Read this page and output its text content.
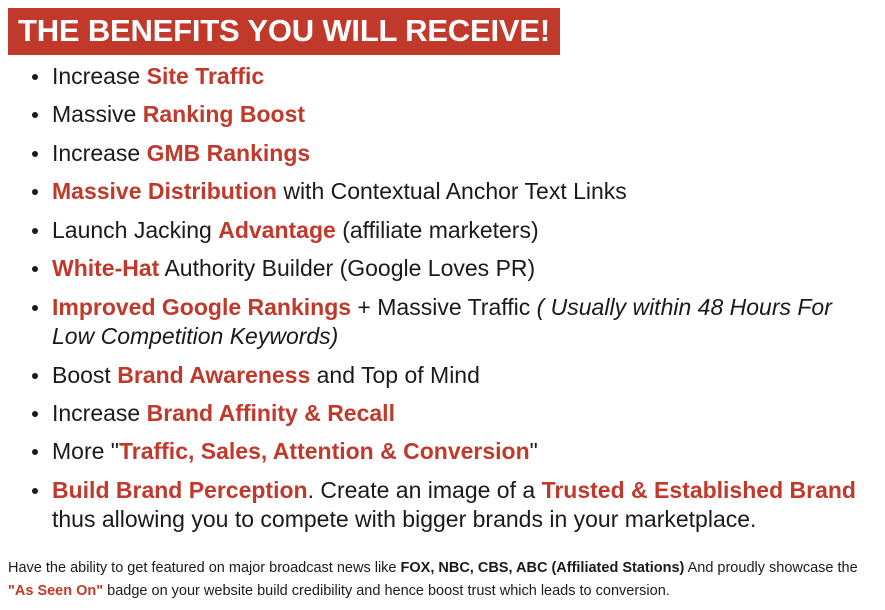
THE BENEFITS YOU WILL RECEIVE!
Increase Site Traffic
Massive Ranking Boost
Increase GMB Rankings
Massive Distribution with Contextual Anchor Text Links
Launch Jacking Advantage (affiliate marketers)
White-Hat Authority Builder (Google Loves PR)
Improved Google Rankings + Massive Traffic ( Usually within 48 Hours For Low Competition Keywords)
Boost Brand Awareness and Top of Mind
Increase Brand Affinity & Recall
More "Traffic, Sales, Attention & Conversion"
Build Brand Perception. Create an image of a Trusted & Established Brand thus allowing you to compete with bigger brands in your marketplace.
Have the ability to get featured on major broadcast news like FOX, NBC, CBS, ABC (Affiliated Stations) And proudly showcase the "As Seen On" badge on your website build credibility and hence boost trust which leads to conversion.
